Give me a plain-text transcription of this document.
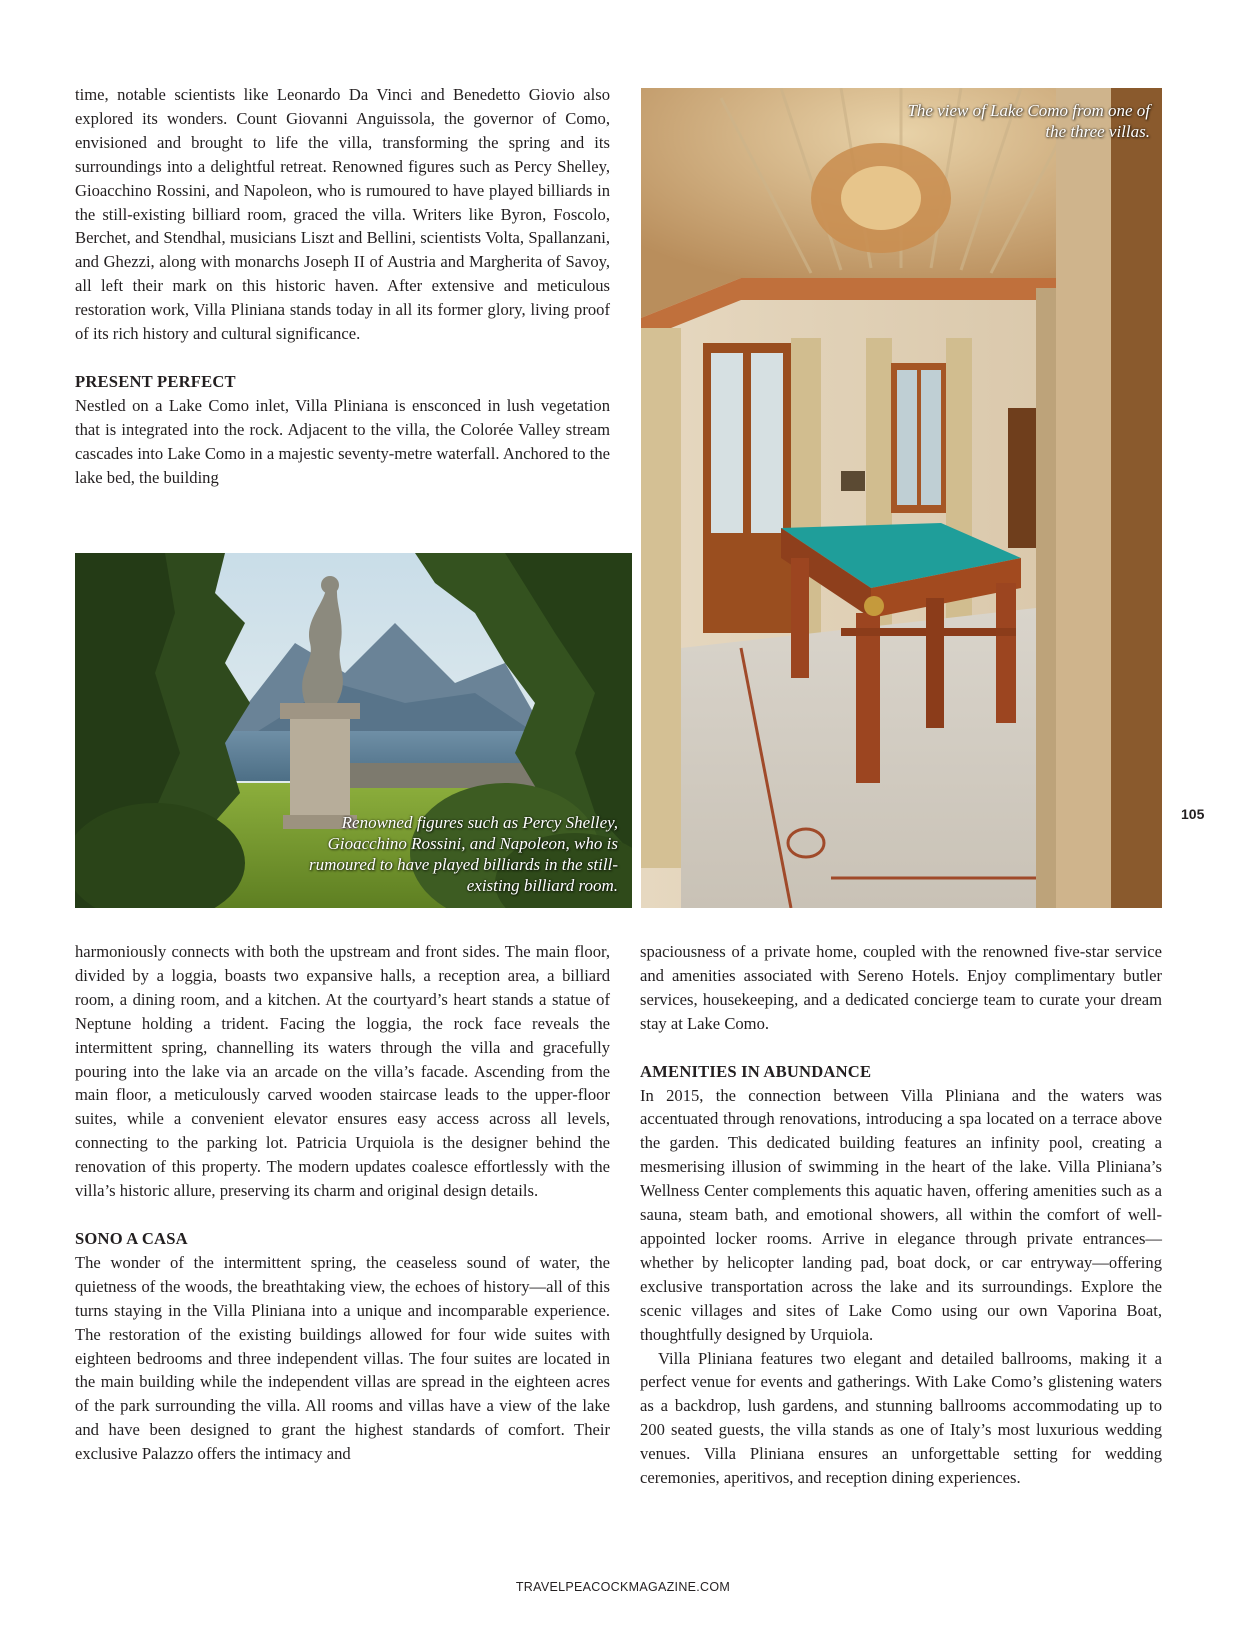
time, notable scientists like Leonardo Da Vinci and Benedetto Giovio also explored its wonders. Count Giovanni Anguissola, the governor of Como, envisioned and brought to life the villa, transforming the spring and its surroundings into a delightful retreat. Renowned figures such as Percy Shelley, Gioacchino Rossini, and Napoleon, who is rumoured to have played billiards in the still-existing billiard room, graced the villa. Writers like Byron, Foscolo, Berchet, and Stendhal, musicians Liszt and Bellini, scientists Volta, Spallanzani, and Ghezzi, along with monarchs Joseph II of Austria and Margherita of Savoy, all left their mark on this historic haven. After extensive and meticulous restoration work, Villa Pliniana stands today in all its former glory, living proof of its rich history and cultural significance.

PRESENT PERFECT

Nestled on a Lake Como inlet, Villa Pliniana is ensconced in lush vegetation that is integrated into the rock. Adjacent to the villa, the Colorée Valley stream cascades into Lake Como in a majestic seventy-metre waterfall. Anchored to the lake bed, the building

Renowned figures such as Percy Shelley, Gioacchino Rossini, and Napoleon, who is rumoured to have played billiards in the still-existing billiard room.
The view of Lake Como from one of the three villas.

harmoniously connects with both the upstream and front sides. The main floor, divided by a loggia, boasts two expansive halls, a reception area, a billiard room, a dining room, and a kitchen. At the courtyard’s heart stands a statue of Neptune holding a trident. Facing the loggia, the rock face reveals the intermittent spring, channelling its waters through the villa and gracefully pouring into the lake via an arcade on the villa’s facade. Ascending from the main floor, a meticulously carved wooden staircase leads to the upper-floor suites, while a convenient elevator ensures easy access across all levels, connecting to the parking lot. Patricia Urquiola is the designer behind the renovation of this property. The modern updates coalesce effortlessly with the villa’s historic allure, preserving its charm and original design details.

SONO A CASA

The wonder of the intermittent spring, the ceaseless sound of water, the quietness of the woods, the breathtaking view, the echoes of history—all of this turns staying in the Villa Pliniana into a unique and incomparable experience. The restoration of the existing buildings allowed for four wide suites with eighteen bedrooms and three independent villas. The four suites are located in the main building while the independent villas are spread in the eighteen acres of the park surrounding the villa. All rooms and villas have a view of the lake and have been designed to grant the highest standards of comfort. Their exclusive Palazzo offers the intimacy and

spaciousness of a private home, coupled with the renowned five-star service and amenities associated with Sereno Hotels. Enjoy complimentary butler services, housekeeping, and a dedicated concierge team to curate your dream stay at Lake Como.

AMENITIES IN ABUNDANCE

In 2015, the connection between Villa Pliniana and the waters was accentuated through renovations, introducing a spa located on a terrace above the garden. This dedicated building features an infinity pool, creating a mesmerising illusion of swimming in the heart of the lake. Villa Pliniana’s Wellness Center complements this aquatic haven, offering amenities such as a sauna, steam bath, and emotional showers, all within the comfort of well-appointed locker rooms. Arrive in elegance through private entrances—whether by helicopter landing pad, boat dock, or car entryway—offering exclusive transportation across the lake and its surroundings. Explore the scenic villages and sites of Lake Como using our own Vaporina Boat, thoughtfully designed by Urquiola.

Villa Pliniana features two elegant and detailed ballrooms, making it a perfect venue for events and gatherings. With Lake Como’s glistening waters as a backdrop, lush gardens, and stunning ballrooms accommodating up to 200 seated guests, the villa stands as one of Italy’s most luxurious wedding venues. Villa Pliniana ensures an unforgettable setting for wedding ceremonies, aperitivos, and reception dining experiences.

105
TRAVELPEACOCKMAGAZINE.COM
